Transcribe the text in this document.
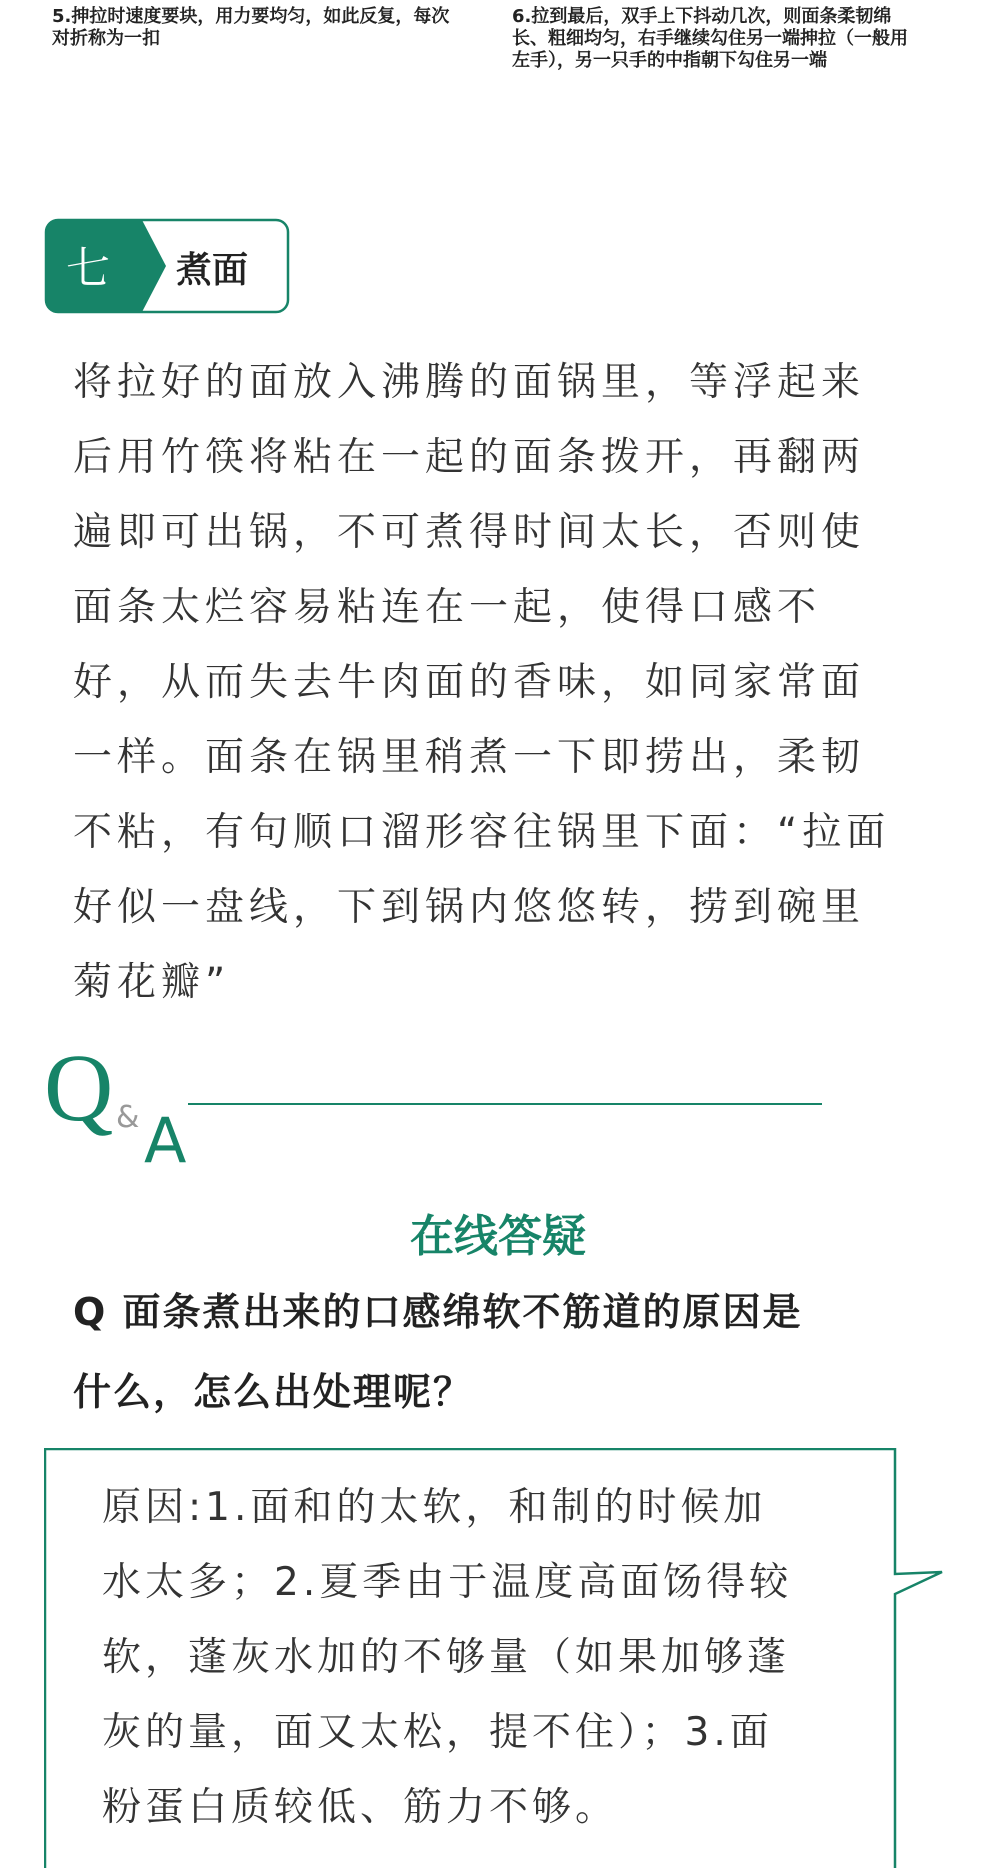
5.抻拉时速度要块，用力要均匀，如此反复，每次
对折称为一扣
6.拉到最后，双手上下抖动几次，则面条柔韧绵
长、粗细均匀，右手继续勾住另一端抻拉（一般用
左手），另一只手的中指朝下勾住另一端
七 煮面
将拉好的面放入沸腾的面锅里，等浮起来
后用竹筷将粘在一起的面条拨开，再翻两
遍即可出锅，不可煮得时间太长，否则使
面条太烂容易粘连在一起，使得口感不
好，从而失去牛肉面的香味，如同家常面
一样。面条在锅里稍煮一下即捞出，柔韧
不粘，有句顺口溜形容往锅里下面：“拉面
好似一盘线，下到锅内悠悠转，捞到碗里
菊花瓣”
Q & A
在线答疑
Q 面条煮出来的口感绵软不筋道的原因是
什么，怎么出处理呢？
原因:1.面和的太软，和制的时候加
水太多；2.夏季由于温度高面饧得较
软，蓬灰水加的不够量（如果加够蓬
灰的量，面又太松，提不住）；3.面
粉蛋白质较低、筋力不够。
